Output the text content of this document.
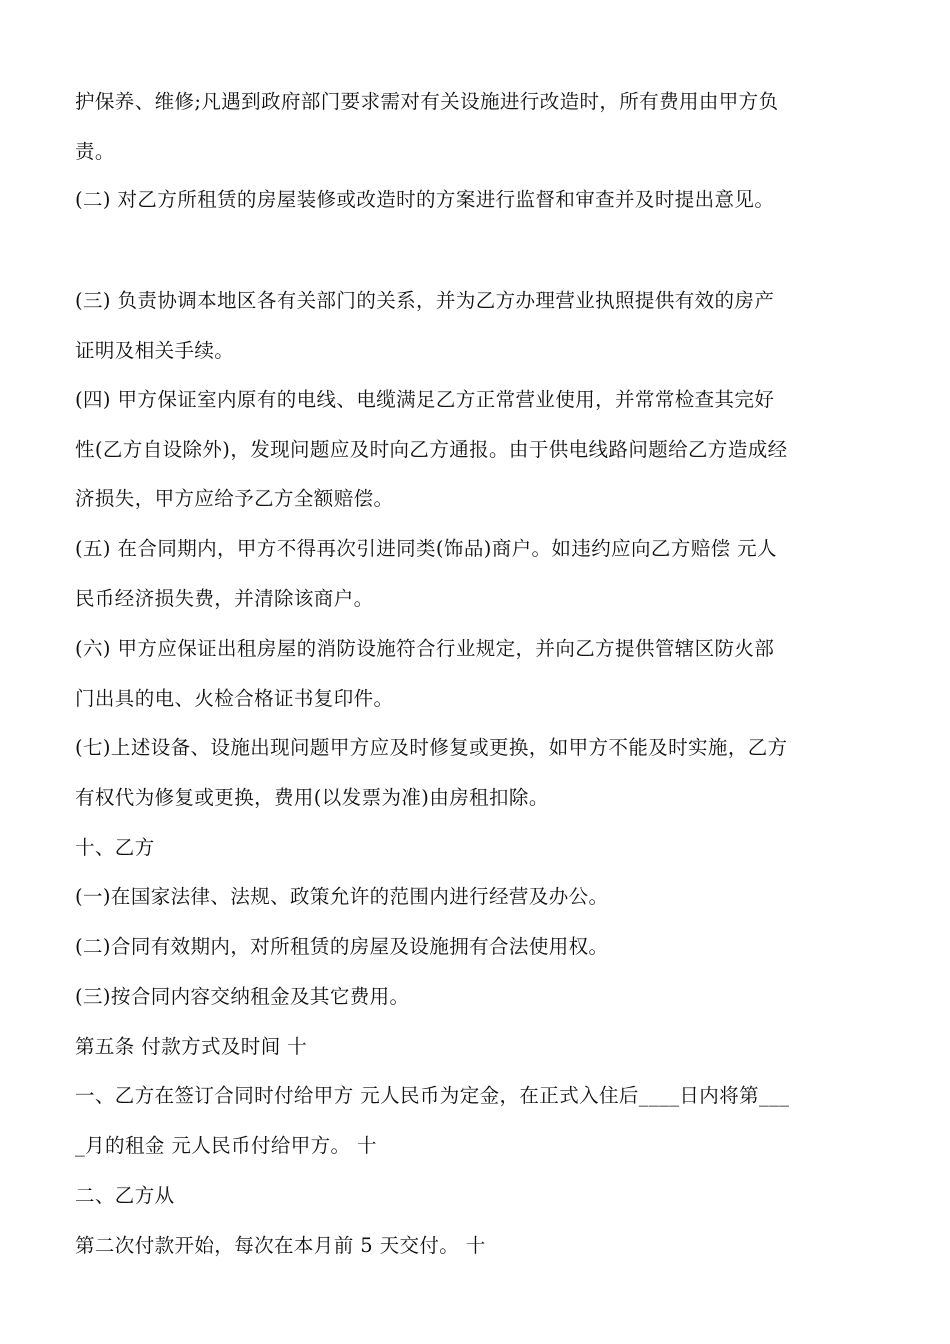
护保养、维修;凡遇到政府部门要求需对有关设施进行改造时，所有费用由甲方负
责。
(二) 对乙方所租赁的房屋装修或改造时的方案进行监督和审查并及时提出意见。
(三) 负责协调本地区各有关部门的关系，并为乙方办理营业执照提供有效的房产
证明及相关手续。
(四) 甲方保证室内原有的电线、电缆满足乙方正常营业使用，并常常检查其完好
性(乙方自设除外)，发现问题应及时向乙方通报。由于供电线路问题给乙方造成经
济损失，甲方应给予乙方全额赔偿。
(五) 在合同期内，甲方不得再次引进同类(饰品)商户。如违约应向乙方赔偿 元人
民币经济损失费，并清除该商户。
(六) 甲方应保证出租房屋的消防设施符合行业规定，并向乙方提供管辖区防火部
门出具的电、火检合格证书复印件。
(七)上述设备、设施出现问题甲方应及时修复或更换，如甲方不能及时实施，乙方
有权代为修复或更换，费用(以发票为准)由房租扣除。
十、乙方
(一)在国家法律、法规、政策允许的范围内进行经营及办公。
(二)合同有效期内，对所租赁的房屋及设施拥有合法使用权。
(三)按合同内容交纳租金及其它费用。
第五条 付款方式及时间 十
一、乙方在签订合同时付给甲方 元人民币为定金，在正式入住后____日内将第___
_月的租金 元人民币付给甲方。 十
二、乙方从
第二次付款开始，每次在本月前 5 天交付。 十
